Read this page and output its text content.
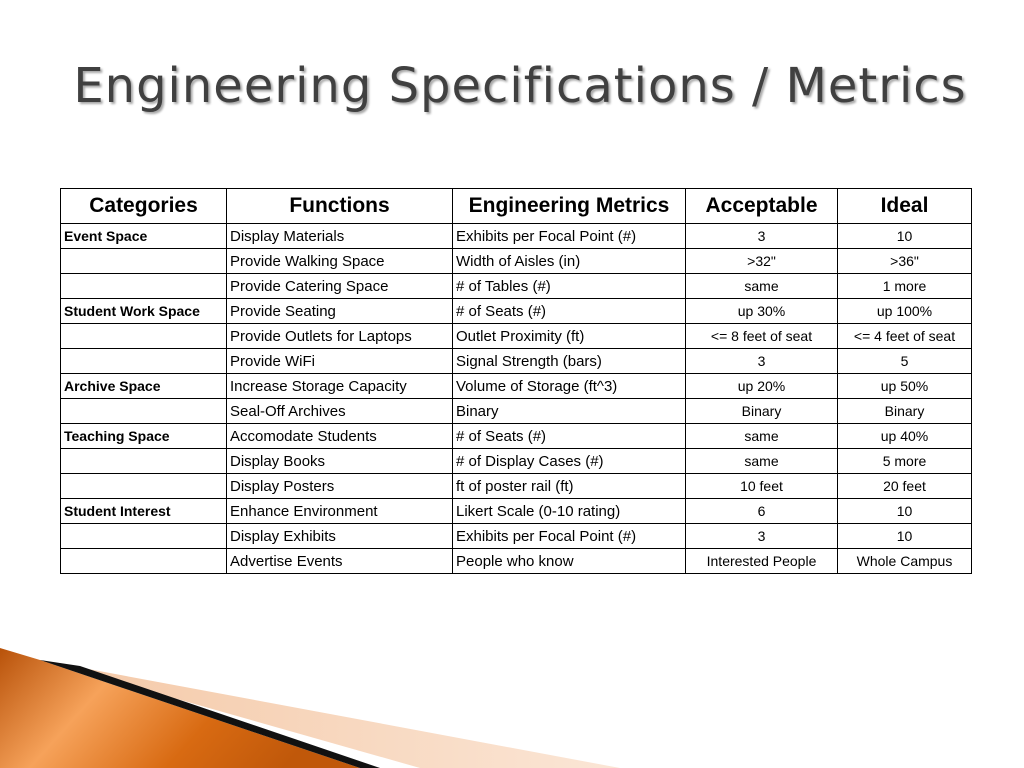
Engineering Specifications / Metrics
Categories	Functions	Engineering Metrics	Acceptable	Ideal
Event Space	Display Materials	Exhibits per Focal Point (#)	3	10
	Provide Walking Space	Width of Aisles (in)	>32"	>36"
	Provide Catering Space	# of Tables (#)	same	1 more
Student Work Space	Provide Seating	# of Seats (#)	up 30%	up 100%
	Provide Outlets for Laptops	Outlet Proximity (ft)	<= 8 feet of seat	<= 4 feet of seat
	Provide WiFi	Signal Strength (bars)	3	5
Archive Space	Increase Storage Capacity	Volume of Storage (ft^3)	up 20%	up 50%
	Seal-Off Archives	Binary	Binary	Binary
Teaching Space	Accomodate Students	# of Seats (#)	same	up 40%
	Display Books	# of Display Cases (#)	same	5 more
	Display Posters	ft of poster rail (ft)	10 feet	20 feet
Student Interest	Enhance Environment	Likert Scale (0-10 rating)	6	10
	Display Exhibits	Exhibits per Focal Point (#)	3	10
	Advertise Events	People who know	Interested People	Whole Campus
